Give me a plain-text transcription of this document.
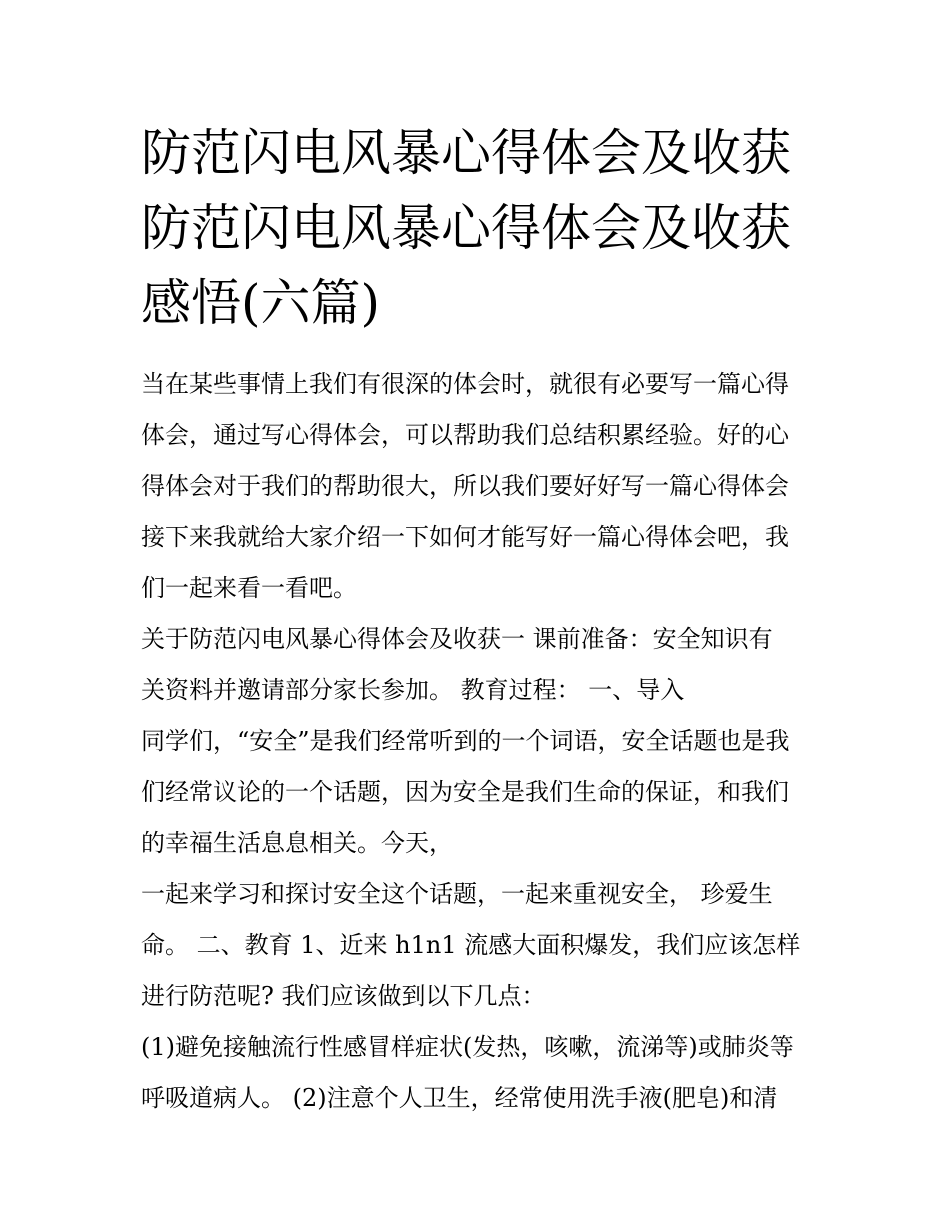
防范闪电风暴心得体会及收获
防范闪电风暴心得体会及收获
感悟(六篇)
当在某些事情上我们有很深的体会时，就很有必要写一篇心得
体会，通过写心得体会，可以帮助我们总结积累经验。好的心
得体会对于我们的帮助很大，所以我们要好好写一篇心得体会
接下来我就给大家介绍一下如何才能写好一篇心得体会吧，我
们一起来看一看吧。
关于防范闪电风暴心得体会及收获一 课前准备：安全知识有
关资料并邀请部分家长参加。 教育过程： 一、导入
同学们，“安全”是我们经常听到的一个词语，安全话题也是我
们经常议论的一个话题，因为安全是我们生命的保证，和我们
的幸福生活息息相关。今天，
一起来学习和探讨安全这个话题，一起来重视安全， 珍爱生
命。 二、教育 1、近来 h1n1 流感大面积爆发，我们应该怎样
进行防范呢? 我们应该做到以下几点：
(1)避免接触流行性感冒样症状(发热，咳嗽，流涕等)或肺炎等
呼吸道病人。 (2)注意个人卫生，经常使用洗手液(肥皂)和清
